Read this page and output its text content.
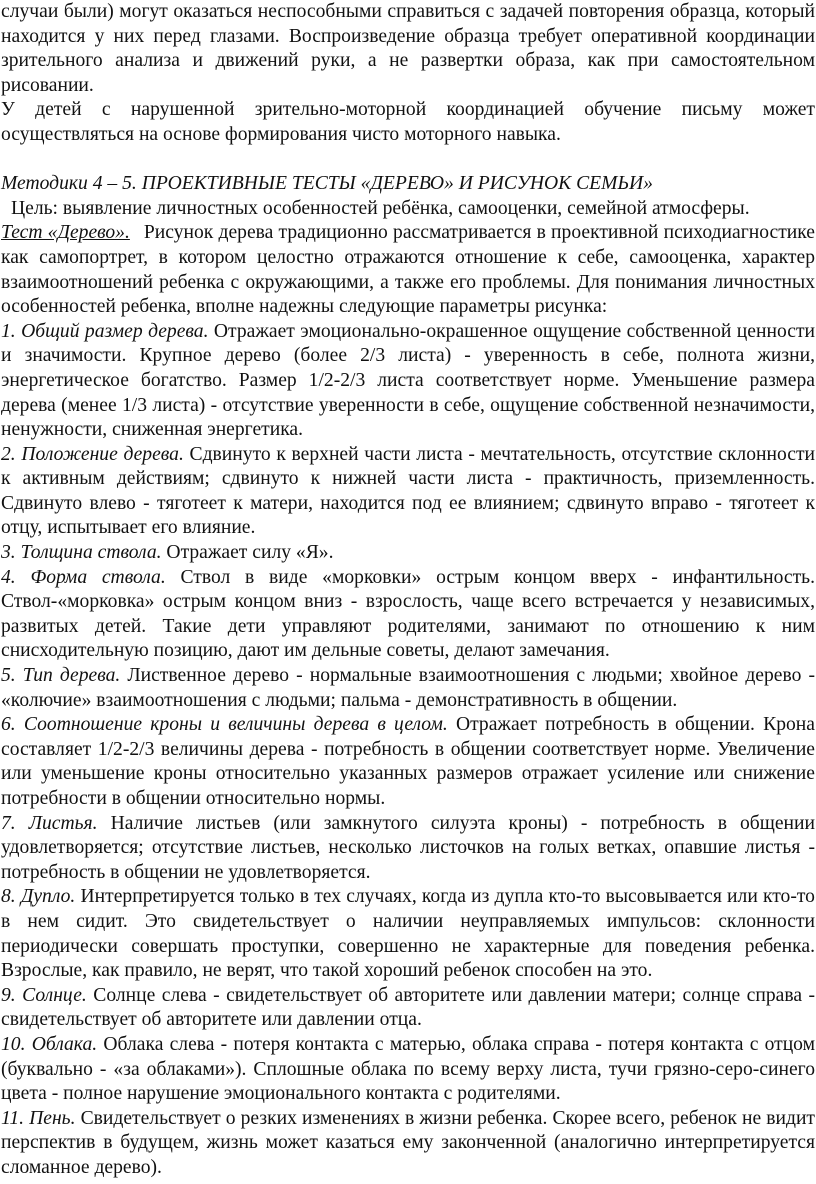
случаи были) могут оказаться неспособными справиться с задачей повторения образца, который находится у них перед глазами. Воспроизведение образца требует оперативной координации зрительного анализа и движений руки, а не развертки образа, как при самостоятельном рисовании.

У детей с нарушенной зрительно-моторной координацией обучение письму может осуществляться на основе формирования чисто моторного навыка.

Методики 4 – 5. ПРОЕКТИВНЫЕ ТЕСТЫ «ДЕРЕВО» И РИСУНОК СЕМЬИ»

Цель: выявление личностных особенностей ребёнка, самооценки, семейной атмосферы.

Тест «Дерево». Рисунок дерева традиционно рассматривается в проективной психодиагностике как самопортрет, в котором целостно отражаются отношение к себе, самооценка, характер взаимоотношений ребенка с окружающими, а также его проблемы. Для понимания личностных особенностей ребенка, вполне надежны следующие параметры рисунка:

1. Общий размер дерева. Отражает эмоционально-окрашенное ощущение собственной ценности и значимости. Крупное дерево (более 2/3 листа) - уверенность в себе, полнота жизни, энергетическое богатство. Размер 1/2-2/3 листа соответствует норме. Уменьшение размера дерева (менее 1/3 листа) - отсутствие уверенности в себе, ощущение собственной незначимости, ненужности, сниженная энергетика.

2. Положение дерева. Сдвинуто к верхней части листа - мечтательность, отсутствие склонности к активным действиям; сдвинуто к нижней части листа - практичность, приземленность. Сдвинуто влево - тяготеет к матери, находится под ее влиянием; сдвинуто вправо - тяготеет к отцу, испытывает его влияние.

3. Толщина ствола. Отражает силу «Я».

4. Форма ствола. Ствол в виде «морковки» острым концом вверх - инфантильность. Ствол-«морковка» острым концом вниз - взрослость, чаще всего встречается у независимых, развитых детей. Такие дети управляют родителями, занимают по отношению к ним снисходительную позицию, дают им дельные советы, делают замечания.

5. Тип дерева. Лиственное дерево - нормальные взаимоотношения с людьми; хвойное дерево - «колючие» взаимоотношения с людьми; пальма - демонстративность в общении.

6. Соотношение кроны и величины дерева в целом. Отражает потребность в общении. Крона составляет 1/2-2/3 величины дерева - потребность в общении соответствует норме. Увеличение или уменьшение кроны относительно указанных размеров отражает усиление или снижение потребности в общении относительно нормы.

7. Листья. Наличие листьев (или замкнутого силуэта кроны) - потребность в общении удовлетворяется; отсутствие листьев, несколько листочков на голых ветках, опавшие листья - потребность в общении не удовлетворяется.

8. Дупло. Интерпретируется только в тех случаях, когда из дупла кто-то высовывается или кто-то в нем сидит. Это свидетельствует о наличии неуправляемых импульсов: склонности периодически совершать проступки, совершенно не характерные для поведения ребенка. Взрослые, как правило, не верят, что такой хороший ребенок способен на это.

9. Солнце. Солнце слева - свидетельствует об авторитете или давлении матери; солнце справа - свидетельствует об авторитете или давлении отца.

10. Облака. Облака слева - потеря контакта с матерью, облака справа - потеря контакта с отцом (буквально - «за облаками»). Сплошные облака по всему верху листа, тучи грязно-серо-синего цвета - полное нарушение эмоционального контакта с родителями.

11. Пень. Свидетельствует о резких изменениях в жизни ребенка. Скорее всего, ребенок не видит перспектив в будущем, жизнь может казаться ему законченной (аналогично интерпретируется сломанное дерево).
